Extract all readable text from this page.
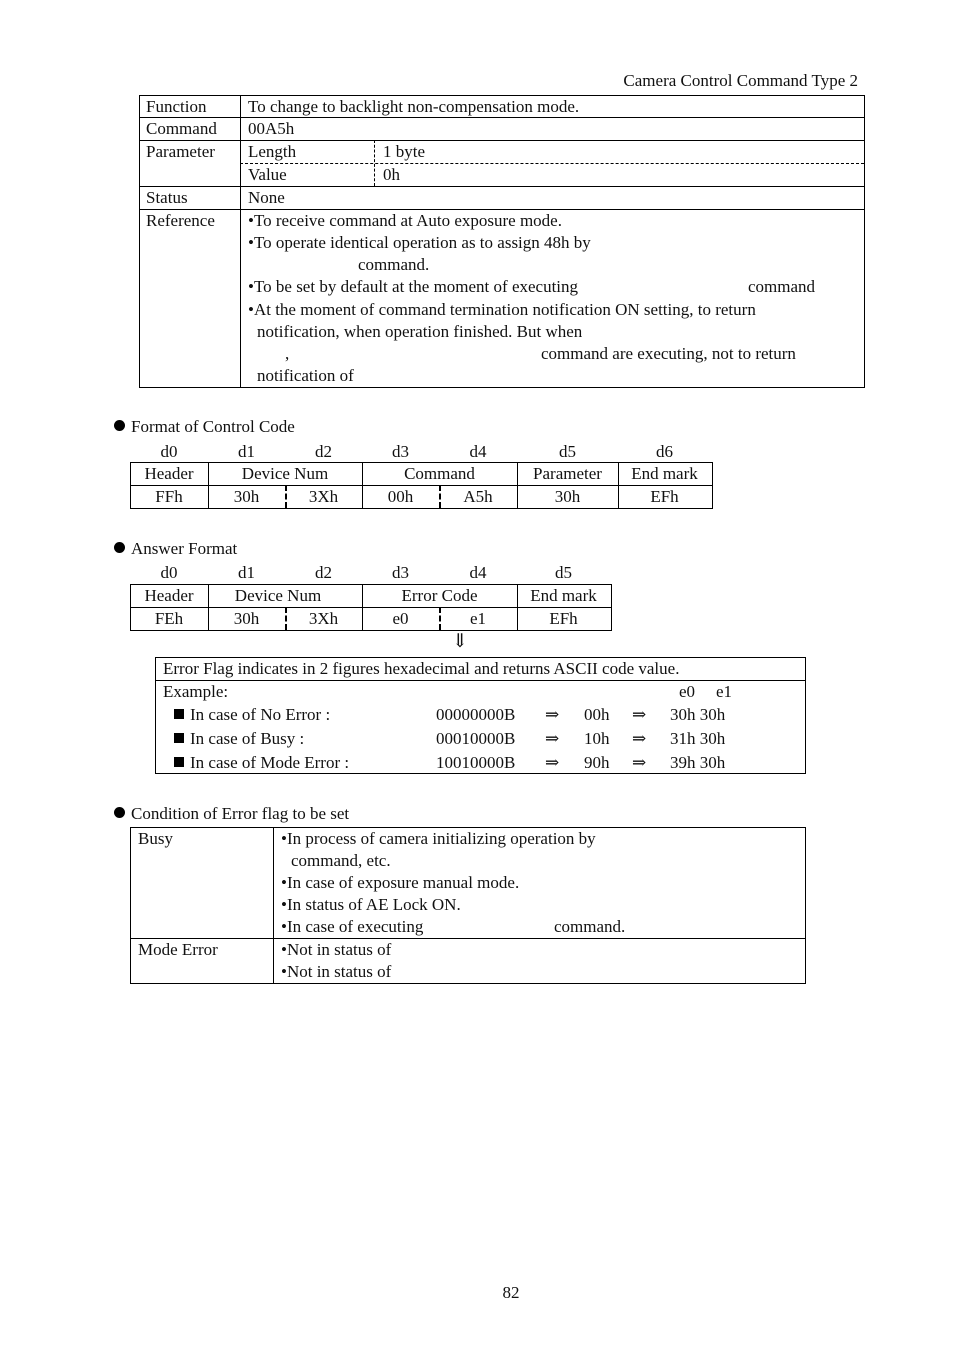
Camera Control Command Type 2
Function To change to backlight non-compensation mode.
Command 00A5h
Parameter Length	1 byte
Value	0h
Status	None
Reference •To receive command at Auto exposure mode.
•To operate identical operation as to assign 48h by
command.
•To be set by default at the moment of executing	command
•At the moment of command termination notification ON setting, to return
notification, when operation finished. But when
,	command are executing, not to return
notification of
Format of Control Code
d0	d1	d2	d3	d4	d5	d6
Header	Device Num	Command	Parameter	End mark
FFh	30h	3Xh	00h	A5h	30h	EFh
Answer Format
d0	d1	d2	d3	d4	d5
Header	Device Num	Error Code	End mark
FEh	30h	3Xh	e0	e1	EFh
⇓
Error Flag indicates in 2 figures hexadecimal and returns ASCII code value.
Example:	e0 e1
In case of No Error :	00000000B ⇒ 00h ⇒ 30h 30h
In case of Busy :	00010000B ⇒ 10h ⇒ 31h 30h
In case of Mode Error :	10010000B ⇒ 90h ⇒ 39h 30h
Condition of Error flag to be set
Busy	•In process of camera initializing operation by
command, etc.
•In case of exposure manual mode.
•In status of AE Lock ON.
•In case of executing	command.
Mode Error	•Not in status of
•Not in status of
82
